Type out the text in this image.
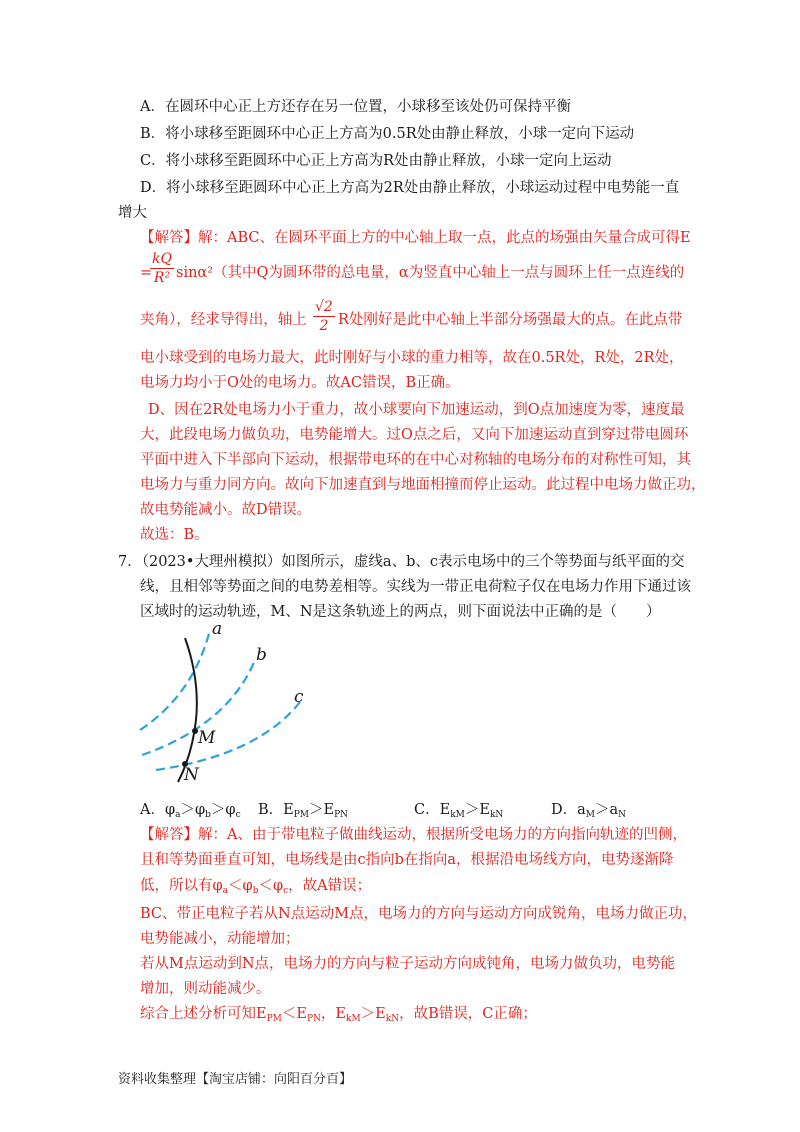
A．在圆环中心正上方还存在另一位置，小球移至该处仍可保持平衡
B．将小球移至距圆环中心正上方高为0.5R处由静止释放，小球一定向下运动
C．将小球移至距圆环中心正上方高为R处由静止释放，小球一定向上运动
D．将小球移至距圆环中心正上方高为2R处由静止释放，小球运动过程中电势能一直
增大
【解答】解：ABC、在圆环平面上方的中心轴上取一点，此点的场强由矢量合成可得E
=
$\frac{kQ}{\text{R²}} \sin\alpha^2$（其中Q为圆环带的总电量，α为竖直中心轴上一点与圆环上任一点连线的
夹角），经求导得出，轴上 $\frac{√2}{2}$ R处刚好是此中心轴上半部分场强最大的点。在此点带
电小球受到的电场力最大，此时刚好与小球的重力相等，故在0.5R处，R处，2R处，
电场力均小于O处的电场力。故AC错误，B正确。
D、因在2R处电场力小于重力，故小球要向下加速运动，到O点加速度为零，速度最
大，此段电场力做负功，电势能增大。过O点之后，又向下加速运动直到穿过带电圆环
平面中进入下半部向下运动，根据带电环的在中心对称轴的电场分布的对称性可知，其
电场力与重力同方向。故向下加速直到与地面相撞而停止运动。此过程中电场力做正功，
故电势能减小。故D错误。
故选：B。
7．（2023•大理州模拟）如图所示，虚线a、b、c表示电场中的三个等势面与纸平面的交
线，且相邻等势面之间的电势差相等。实线为一带正电荷粒子仅在电场力作用下通过该
区域时的运动轨迹，M、N是这条轨迹上的两点，则下面说法中正确的是（　　）
a
b
c
M
N
A．$\varphi_a>\varphi_b>\varphi_c$ B．$E_{PM}>E_{PN}$	C．$E_{kM}>E_{kN}$	D．$a_M>a_N$
【解答】解：A、由于带电粒子做曲线运动，根据所受电场力的方向指向轨迹的凹侧，
且和等势面垂直可知，电场线是由c指向b在指向a，根据沿电场线方向，电势逐渐降
低，所以有$\varphi_a<\varphi_b<\varphi_c$，故A错误；
BC、带正电粒子若从N点运动M点，电场力的方向与运动方向成锐角，电场力做正功，
电势能减小，动能增加；
若从M点运动到N点，电场力的方向与粒子运动方向成钝角，电场力做负功，电势能
增加，则动能减少。
综合上述分析可知$E_{PM}<E_{PN}$，$E_{kM}>E_{kN}$，故B错误，C正确；
资料收集整理【淘宝店铺：向阳百分百】
